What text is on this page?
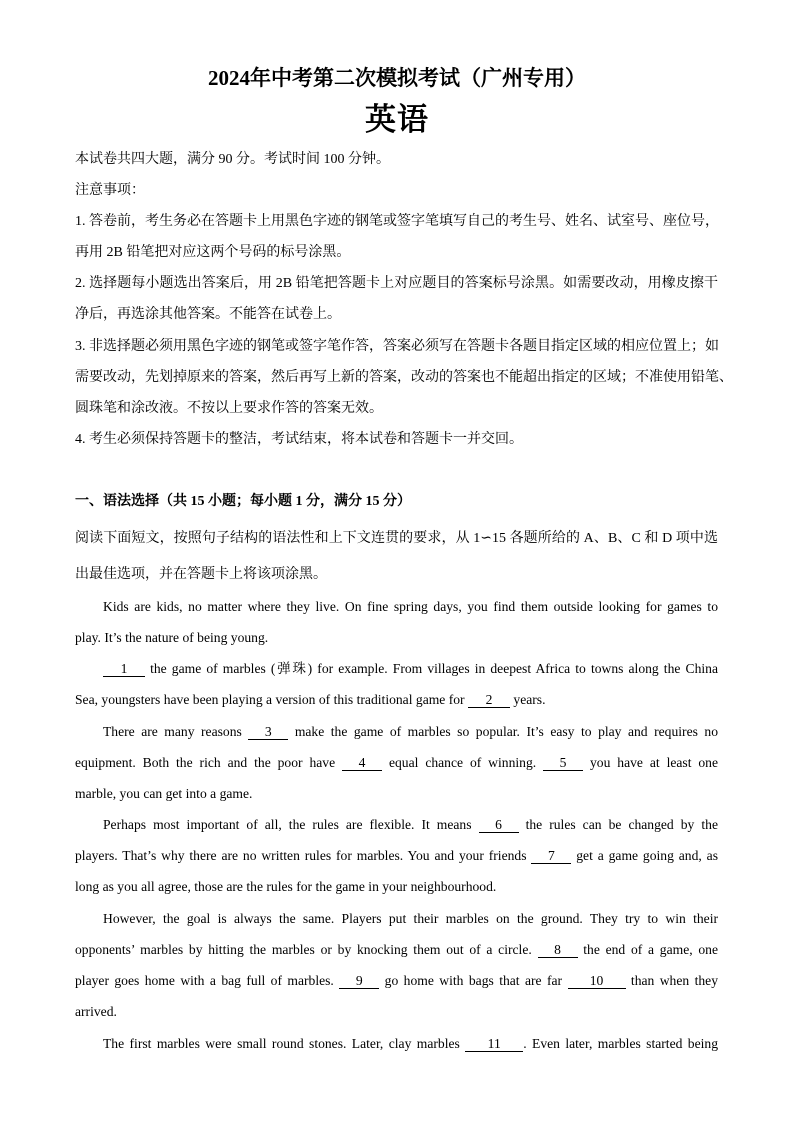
2024年中考第二次模拟考试（广州专用）
英语
本试卷共四大题，满分 90 分。考试时间 100 分钟。
注意事项：
1. 答卷前，考生务必在答题卡上用黑色字迹的钢笔或签字笔填写自己的考生号、姓名、试室号、座位号，
再用 2B 铅笔把对应这两个号码的标号涂黑。
2. 选择题每小题选出答案后，用 2B 铅笔把答题卡上对应题目的答案标号涂黑。如需要改动，用橡皮擦干
净后，再选涂其他答案。不能答在试卷上。
3. 非选择题必须用黑色字迹的钢笔或签字笔作答，答案必须写在答题卡各题目指定区域的相应位置上；如
需要改动，先划掉原来的答案，然后再写上新的答案，改动的答案也不能超出指定的区域；不准使用铅笔、
圆珠笔和涂改液。不按以上要求作答的答案无效。
4. 考生必须保持答题卡的整洁，考试结束，将本试卷和答题卡一并交回。
一、语法选择（共 15 小题；每小题 1 分，满分 15 分）
阅读下面短文，按照句子结构的语法性和上下文连贯的要求，从 1∽15 各题所给的 A、B、C 和 D 项中选
出最佳选项，并在答题卡上将该项涂黑。
Kids are kids, no matter where they live. On fine spring days, you find them outside looking for games to
play. It’s the nature of being young.
1 the game of marbles (弹珠) for example. From villages in deepest Africa to towns along the China
Sea, youngsters have been playing a version of this traditional game for 2 years.
There are many reasons 3 make the game of marbles so popular. It’s easy to play and requires no
equipment. Both the rich and the poor have 4 equal chance of winning. 5 you have at least one
marble, you can get into a game.
Perhaps most important of all, the rules are flexible. It means 6 the rules can be changed by the
players. That’s why there are no written rules for marbles. You and your friends 7 get a game going and, as
long as you all agree, those are the rules for the game in your neighbourhood.
However, the goal is always the same. Players put their marbles on the ground. They try to win their
opponents’ marbles by hitting the marbles or by knocking them out of a circle. 8 the end of a game, one
player goes home with a bag full of marbles. 9 go home with bags that are far 10 than when they
arrived.
The first marbles were small round stones. Later, clay marbles 11 . Even later, marbles started being
